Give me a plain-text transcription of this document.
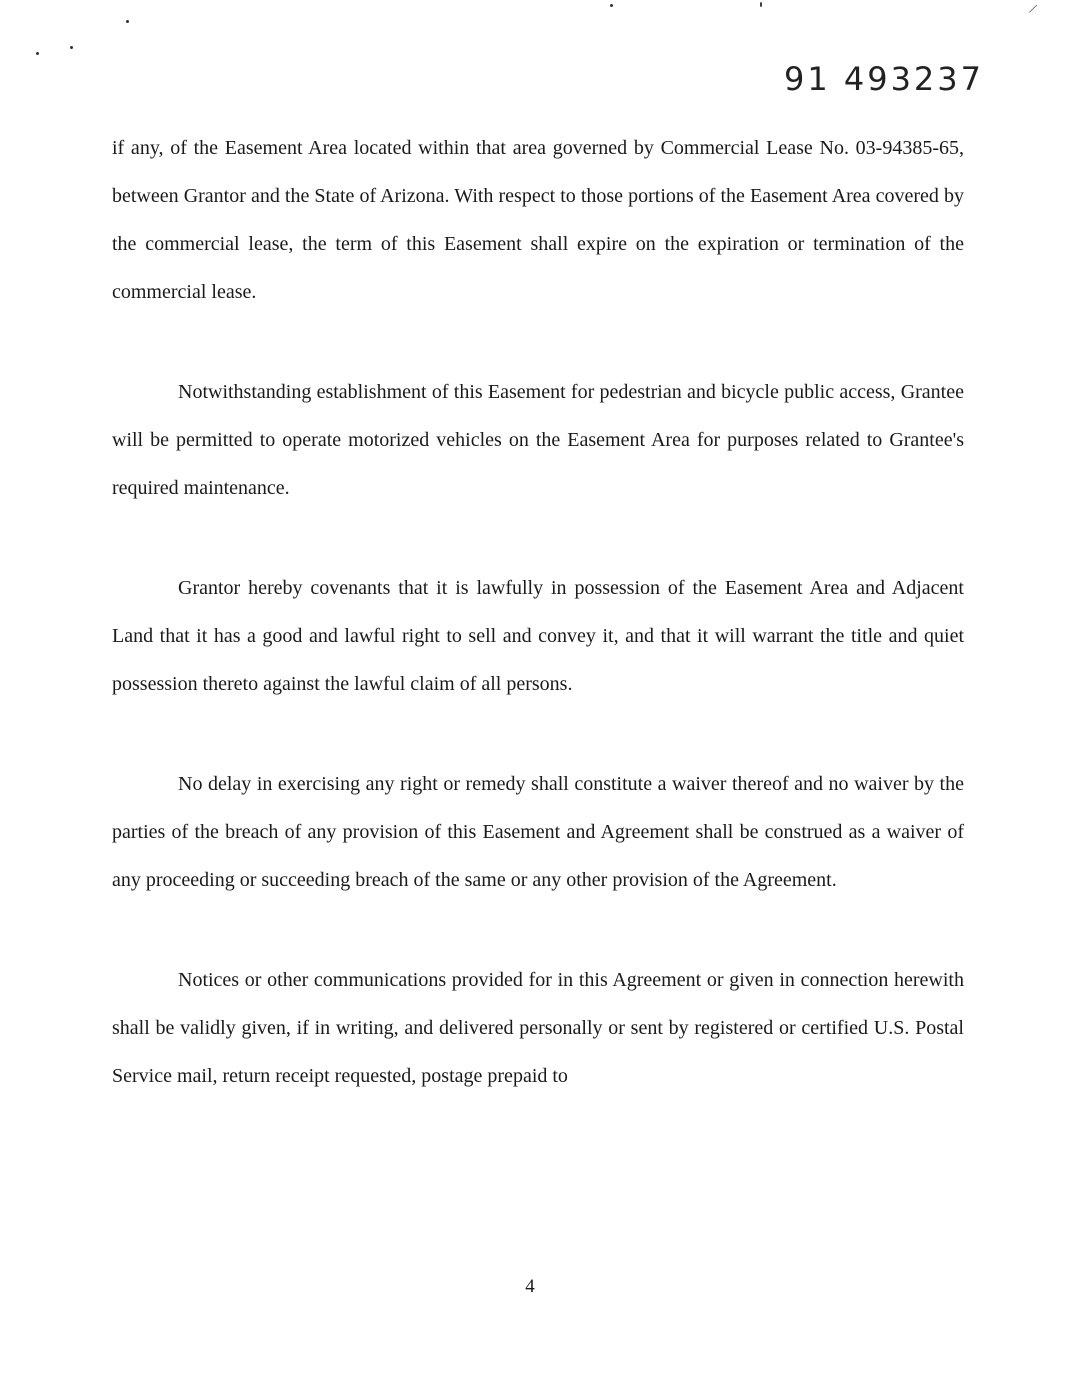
⁄
91 493237

if any, of the Easement Area located within that area governed by Commercial Lease No. 03-94385-65, between Grantor and the State of Arizona. With respect to those portions of the Easement Area covered by the commercial lease, the term of this Easement shall expire on the expiration or termination of the commercial lease.

Notwithstanding establishment of this Easement for pedestrian and bicycle public access, Grantee will be permitted to operate motorized vehicles on the Easement Area for purposes related to Grantee's required maintenance.

Grantor hereby covenants that it is lawfully in possession of the Easement Area and Adjacent Land that it has a good and lawful right to sell and convey it, and that it will warrant the title and quiet possession thereto against the lawful claim of all persons.

No delay in exercising any right or remedy shall constitute a waiver thereof and no waiver by the parties of the breach of any provision of this Easement and Agreement shall be construed as a waiver of any proceeding or succeeding breach of the same or any other provision of the Agreement.

Notices or other communications provided for in this Agreement or given in connection herewith shall be validly given, if in writing, and delivered personally or sent by registered or certified U.S. Postal Service mail, return receipt requested, postage prepaid to

4
